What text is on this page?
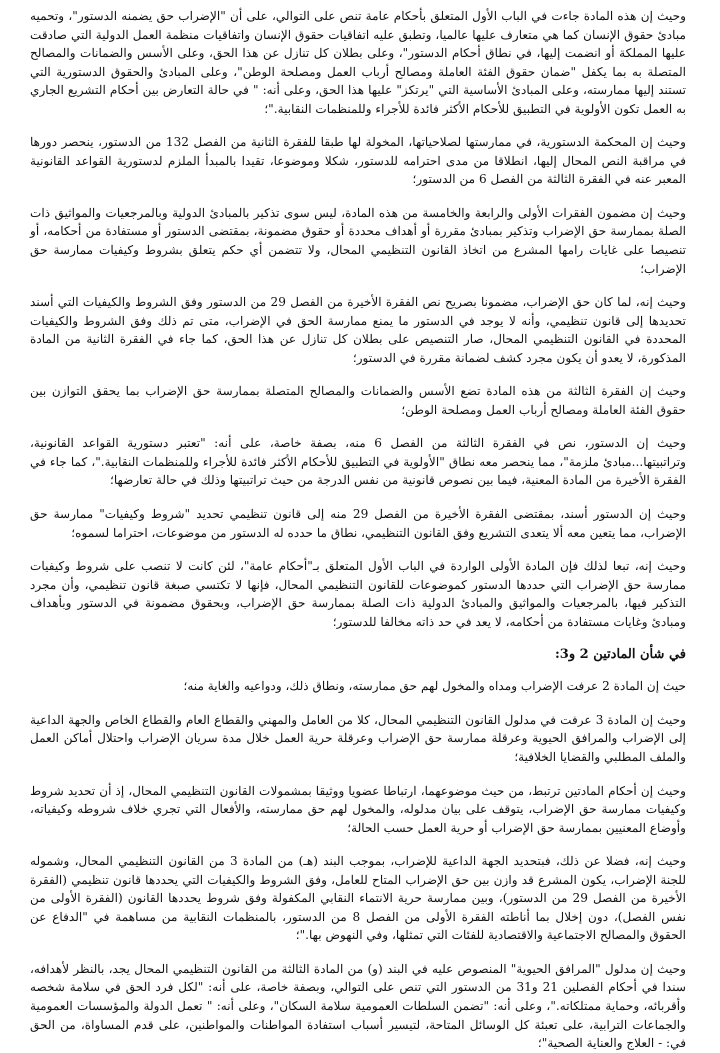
وحيث إن هذه المادة جاءت في الباب الأول المتعلق بأحكام عامة تنص على التوالي، على أن "الإضراب حق يضمنه الدستور"، وتحميه مبادئ حقوق الإنسان كما هي متعارف عليها عالميا، وتطبق عليه اتفاقيات حقوق الإنسان واتفاقيات منظمة العمل الدولية التي صادقت عليها المملكة أو انضمت إليها، في نطاق أحكام الدستور"، وعلى بطلان كل تنازل عن هذا الحق، وعلى الأسس والضمانات والمصالح المتصلة به بما يكفل "ضمان حقوق الفئة العاملة ومصالح أرباب العمل ومصلحة الوطن"، وعلى المبادئ والحقوق الدستورية التي تستند إليها ممارسته، وعلى المبادئ الأساسية التي "يرتكز" عليها هذا الحق، وعلى أنه: " في حالة التعارض بين أحكام التشريع الجاري به العمل تكون الأولوية في التطبيق للأحكام الأكثر فائدة للأجراء وللمنظمات النقابية."؛

وحيث إن المحكمة الدستورية، في ممارستها لصلاحياتها، المخولة لها طبقا للفقرة الثانية من الفصل 132 من الدستور، ينحصر دورها في مراقبة النص المحال إليها، انطلاقا من مدى احترامه للدستور، شكلا وموضوعا، تقيدا بالمبدأ الملزم لدستورية القواعد القانونية المعبر عنه في الفقرة الثالثة من الفصل 6 من الدستور؛

وحيث إن مضمون الفقرات الأولى والرابعة والخامسة من هذه المادة، ليس سوى تذكير بالمبادئ الدولية وبالمرجعيات والمواثيق ذات الصلة بممارسة حق الإضراب وتذكير بمبادئ مقررة أو أهداف محددة أو حقوق مضمونة، بمقتضى الدستور أو مستفادة من أحكامه، أو تنصيصا على غايات رامها المشرع من اتخاذ القانون التنظيمي المحال، ولا تتضمن أي حكم يتعلق بشروط وكيفيات ممارسة حق الإضراب؛

وحيث إنه، لما كان حق الإضراب، مضمونا بصريح نص الفقرة الأخيرة من الفصل 29 من الدستور وفق الشروط والكيفيات التي أسند تحديدها إلى قانون تنظيمي، وأنه لا يوجد في الدستور ما يمنع ممارسة الحق في الإضراب، متى تم ذلك وفق الشروط والكيفيات المحددة في القانون التنظيمي المحال، صار التنصيص على بطلان كل تنازل عن هذا الحق، كما جاء في الفقرة الثانية من المادة المذكورة، لا يعدو أن يكون مجرد كشف لضمانة مقررة في الدستور؛

وحيث إن الفقرة الثالثة من هذه المادة تضع الأسس والضمانات والمصالح المتصلة بممارسة حق الإضراب بما يحقق التوازن بين حقوق الفئة العاملة ومصالح أرباب العمل ومصلحة الوطن؛

وحيث إن الدستور، نص في الفقرة الثالثة من الفصل 6 منه، بصفة خاصة، على أنه: "تعتبر دستورية القواعد القانونية، وتراتبيتها...مبادئ ملزمة"، مما ينحصر معه نطاق "الأولوية في التطبيق للأحكام الأكثر فائدة للأجراء وللمنظمات النقابية."، كما جاء في الفقرة الأخيرة من المادة المعنية، فيما بين نصوص قانونية من نفس الدرجة من حيث تراتبيتها وذلك في حالة تعارضها؛

وحيث إن الدستور أسند، بمقتضى الفقرة الأخيرة من الفصل 29 منه إلى قانون تنظيمي تحديد "شروط وكيفيات" ممارسة حق الإضراب، مما يتعين معه ألا يتعدى التشريع وفق القانون التنظيمي، نطاق ما حدده له الدستور من موضوعات، احتراما لسموه؛

وحيث إنه، تبعا لذلك فإن المادة الأولى الواردة في الباب الأول المتعلق بـ"أحكام عامة"، لئن كانت لا تنصب على شروط وكيفيات ممارسة حق الإضراب التي حددها الدستور كموضوعات للقانون التنظيمي المحال، فإنها لا تكتسي صبغة قانون تنظيمي، وأن مجرد التذكير فيها، بالمرجعيات والمواثيق والمبادئ الدولية ذات الصلة بممارسة حق الإضراب، وبحقوق مضمونة في الدستور وبأهداف ومبادئ وغايات مستفادة من أحكامه، لا يعد في حد ذاته مخالفا للدستور؛

في شأن المادتين 2 و3:

حيث إن المادة 2 عرفت الإضراب ومداه والمخول لهم حق ممارسته، ونطاق ذلك، ودواعيه والغاية منه؛

وحيث إن المادة 3 عرفت في مدلول القانون التنظيمي المحال، كلا من العامل والمهني والقطاع العام والقطاع الخاص والجهة الداعية إلى الإضراب والمرافق الحيوية وعرقلة ممارسة حق الإضراب وعرقلة حرية العمل خلال مدة سريان الإضراب واحتلال أماكن العمل والملف المطلبي والقضايا الخلافية؛

وحيث إن أحكام المادتين ترتبط، من حيث موضوعهما، ارتباطا عضويا ووثيقا بمشمولات القانون التنظيمي المحال، إذ أن تحديد شروط وكيفيات ممارسة حق الإضراب، يتوقف على بيان مدلوله، والمخول لهم حق ممارسته، والأفعال التي تجري خلاف شروطه وكيفياته، وأوضاع المعنيين بممارسة حق الإضراب أو حرية العمل حسب الحالة؛

وحيث إنه، فضلا عن ذلك، فبتحديد الجهة الداعية للإضراب، بموجب البند (هـ) من المادة 3 من القانون التنظيمي المحال، وشموله للجنة الإضراب، يكون المشرع قد وازن بين حق الإضراب المتاح للعامل، وفق الشروط والكيفيات التي يحددها قانون تنظيمي (الفقرة الأخيرة من الفصل 29 من الدستور)، وبين ممارسة حرية الانتماء النقابي المكفولة وفق شروط يحددها القانون (الفقرة الأولى من نفس الفصل)، دون إخلال بما أناطته الفقرة الأولى من الفصل 8 من الدستور، بالمنظمات النقابية من مساهمة في "الدفاع عن الحقوق والمصالح الاجتماعية والاقتصادية للفئات التي تمثلها، وفي النهوض بها."؛

وحيث إن مدلول "المرافق الحيوية" المنصوص عليه في البند (و) من المادة الثالثة من القانون التنظيمي المحال يجد، بالنظر لأهدافه، سندا في أحكام الفصلين 21 و31 من الدستور التي تنص على التوالي، وبصفة خاصة، على أنه: "لكل فرد الحق في سلامة شخصه وأقربائه، وحماية ممتلكاته."، وعلى أنه: "تضمن السلطات العمومية سلامة السكان"، وعلى أنه: " تعمل الدولة والمؤسسات العمومية والجماعات الترابية، على تعبئة كل الوسائل المتاحة، لتيسير أسباب استفادة المواطنات والمواطنين، على قدم المساواة، من الحق في: - العلاج والعناية الصحية"؛
